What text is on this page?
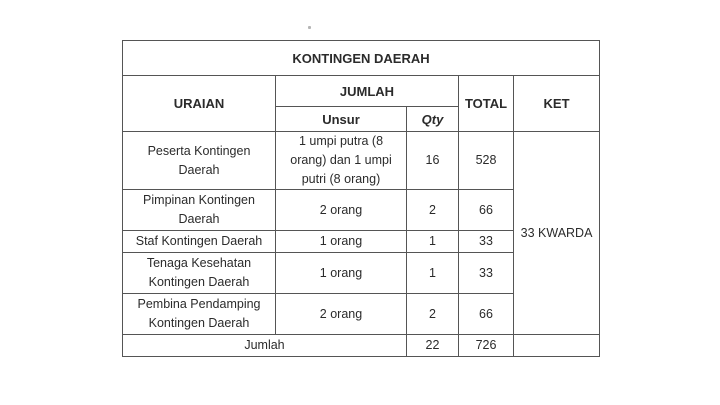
KONTINGEN DAERAH				
URAIAN	JUMLAH		TOTAL	KET
	Unsur	Qty		
Peserta Kontingen Daerah	1 umpi putra (8 orang) dan 1 umpi putri (8 orang)	16	528	33 KWARDA
Pimpinan Kontingen Daerah	2 orang	2	66	
Staf Kontingen Daerah	1 orang	1	33	
Tenaga Kesehatan Kontingen Daerah	1 orang	1	33	
Pembina Pendamping Kontingen Daerah	2 orang	2	66	
Jumlah		22	726	
